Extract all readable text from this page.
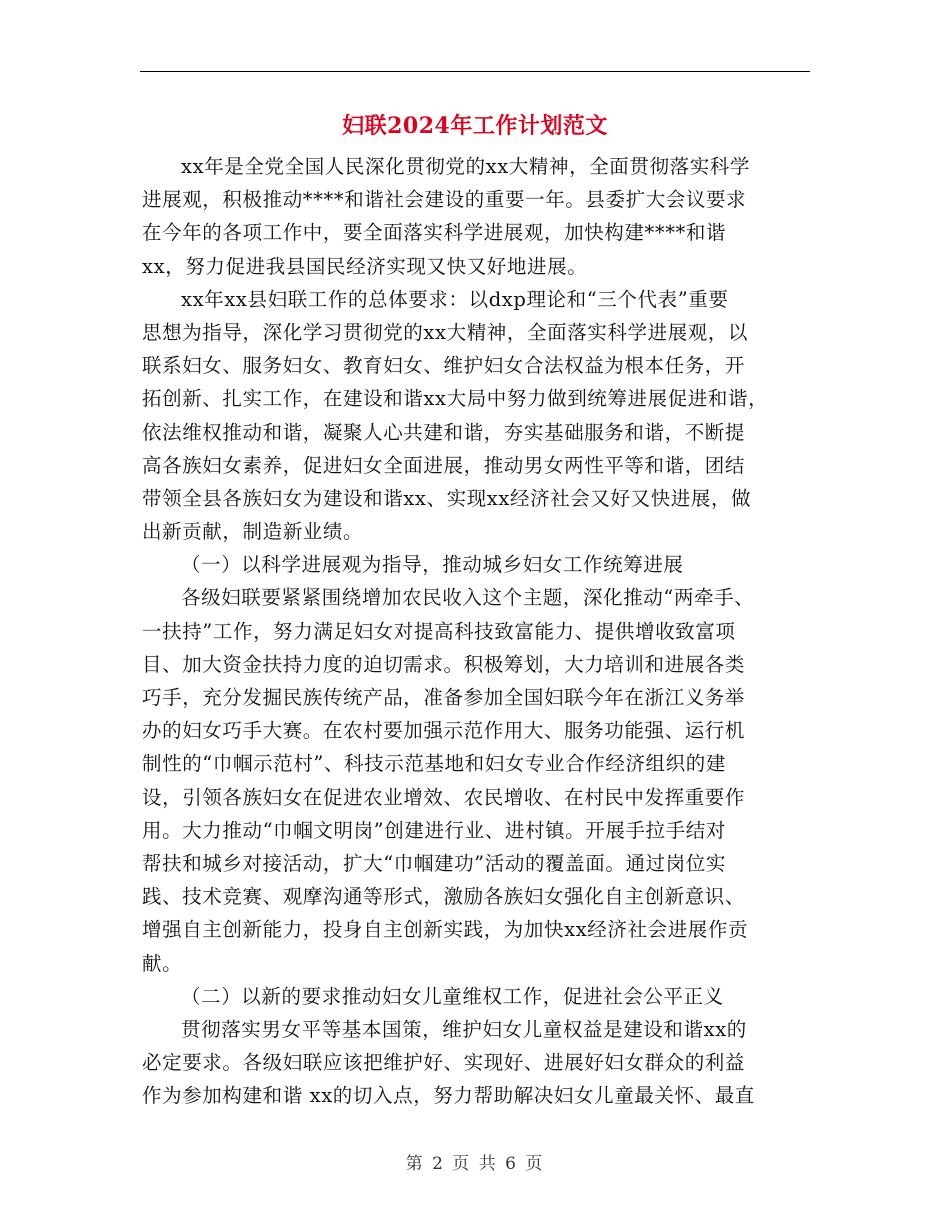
妇联2024年工作计划范文
xx年是全党全国人民深化贯彻党的xx大精神，全面贯彻落实科学
进展观，积极推动****和谐社会建设的重要一年。县委扩大会议要求
在今年的各项工作中，要全面落实科学进展观，加快构建****和谐
xx，努力促进我县国民经济实现又快又好地进展。
xx年xx县妇联工作的总体要求：以dxp理论和“三个代表”重要
思想为指导，深化学习贯彻党的xx大精神，全面落实科学进展观，以
联系妇女、服务妇女、教育妇女、维护妇女合法权益为根本任务，开
拓创新、扎实工作，在建设和谐xx大局中努力做到统筹进展促进和谐，
依法维权推动和谐，凝聚人心共建和谐，夯实基础服务和谐，不断提
高各族妇女素养，促进妇女全面进展，推动男女两性平等和谐，团结
带领全县各族妇女为建设和谐xx、实现xx经济社会又好又快进展，做
出新贡献，制造新业绩。
（一）以科学进展观为指导，推动城乡妇女工作统筹进展
各级妇联要紧紧围绕增加农民收入这个主题，深化推动“两牵手、
一扶持”工作，努力满足妇女对提高科技致富能力、提供增收致富项
目、加大资金扶持力度的迫切需求。积极筹划，大力培训和进展各类
巧手，充分发掘民族传统产品，准备参加全国妇联今年在浙江义务举
办的妇女巧手大赛。在农村要加强示范作用大、服务功能强、运行机
制性的“巾帼示范村”、科技示范基地和妇女专业合作经济组织的建
设，引领各族妇女在促进农业增效、农民增收、在村民中发挥重要作
用。大力推动“巾帼文明岗”创建进行业、进村镇。开展手拉手结对
帮扶和城乡对接活动，扩大“巾帼建功”活动的覆盖面。通过岗位实
践、技术竞赛、观摩沟通等形式，激励各族妇女强化自主创新意识、
增强自主创新能力，投身自主创新实践，为加快xx经济社会进展作贡
献。
（二）以新的要求推动妇女儿童维权工作，促进社会公平正义
贯彻落实男女平等基本国策，维护妇女儿童权益是建设和谐xx的
必定要求。各级妇联应该把维护好、实现好、进展好妇女群众的利益
作为参加构建和谐 xx的切入点，努力帮助解决妇女儿童最关怀、最直
第 2 页 共 6 页
